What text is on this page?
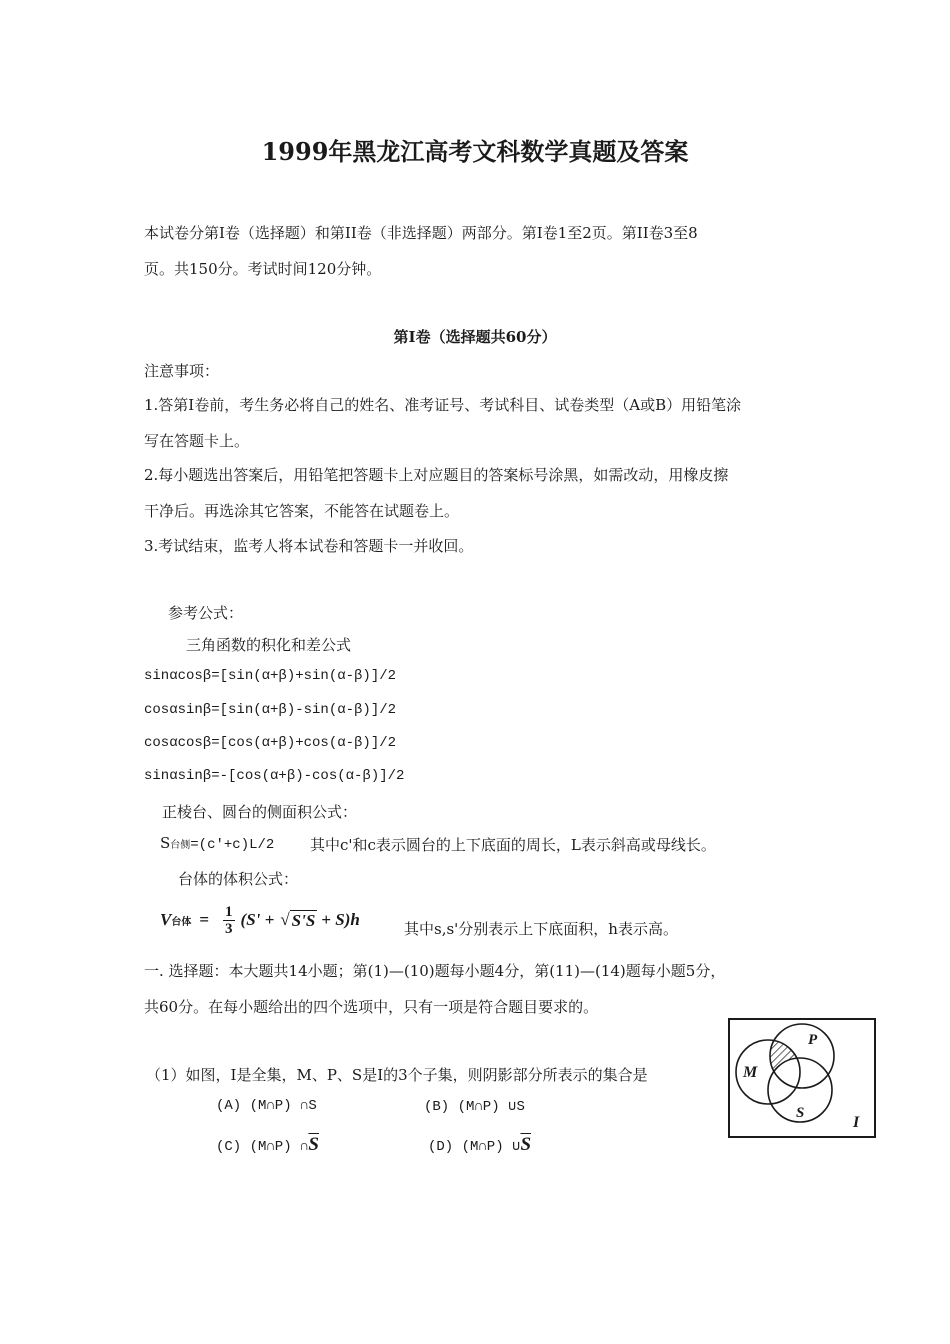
1999年黑龙江高考文科数学真题及答案
本试卷分第Ⅰ卷（选择题）和第II卷（非选择题）两部分。第Ⅰ卷1至2页。第II卷3至8
页。共150分。考试时间120分钟。
第Ⅰ卷（选择题共60分）
注意事项：
1.答第Ⅰ卷前，考生务必将自己的姓名、准考证号、考试科目、试卷类型（A或B）用铅笔涂
写在答题卡上。
2.每小题选出答案后，用铅笔把答题卡上对应题目的答案标号涂黑，如需改动，用橡皮擦
干净后。再选涂其它答案，不能答在试题卷上。
3.考试结束，监考人将本试卷和答题卡一并收回。
参考公式：
三角函数的积化和差公式
sinαcosβ=[sin(α+β)+sin(α-β)]/2
cosαsinβ=[sin(α+β)-sin(α-β)]/2
cosαcosβ=[cos(α+β)+cos(α-β)]/2
sinαsinβ=-[cos(α+β)-cos(α-β)]/2
正棱台、圆台的侧面积公式：
S台侧=(c'+c)L/2 其中c'和c表示圆台的上下底面的周长，L表示斜高或母线长。
台体的体积公式：
V 台体 = $\frac{1}{3} (S'$ + √ S'S + S)h	其中s,s'分别表示上下底面积，h表示高。
一. 选择题：本大题共14小题；第(1)—(10)题每小题4分，第(11)—(14)题每小题5分，
共60分。在每小题给出的四个选项中，只有一项是符合题目要求的。
（1）如图，I是全集，M、P、S是I的3个子集，则阴影部分所表示的集合是
(A) (M∩P) ∩S	(B) (M∩P) ∪S
(C) (M∩P) $\cap\overline{S}$	(D) (M∩P) $\cup\overline{S}$
M
P
S
I
